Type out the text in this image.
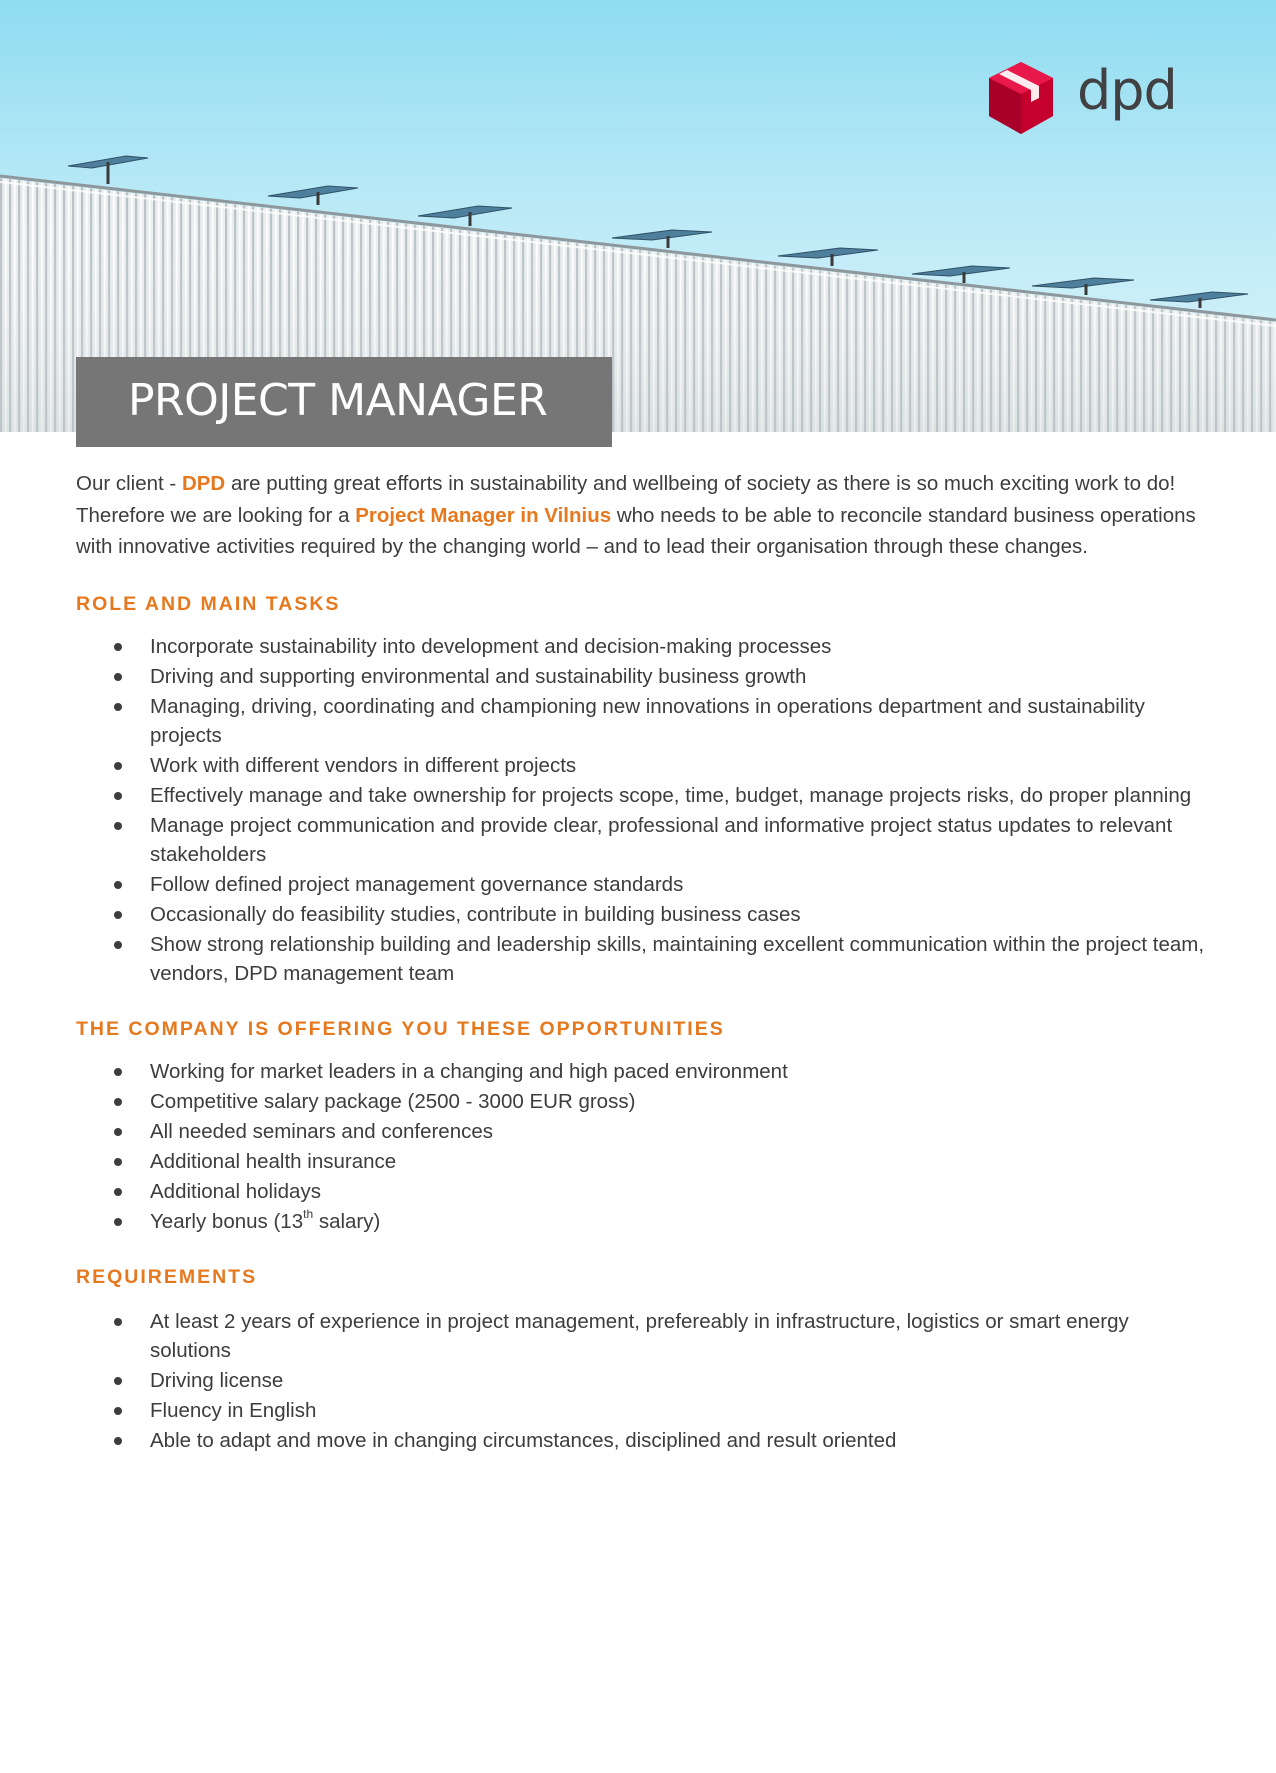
dpd
PROJECT MANAGER

Our client - DPD are putting great efforts in sustainability and wellbeing of society as there is so much exciting work to do! Therefore we are looking for a Project Manager in Vilnius who needs to be able to reconcile standard business operations with innovative activities required by the changing world – and to lead their organisation through these changes.

ROLE AND MAIN TASKS
Incorporate sustainability into development and decision-making processes
Driving and supporting environmental and sustainability business growth
Managing, driving, coordinating and championing new innovations in operations department and sustainability projects
Work with different vendors in different projects
Effectively manage and take ownership for projects scope, time, budget, manage projects risks, do proper planning
Manage project communication and provide clear, professional and informative project status updates to relevant stakeholders
Follow defined project management governance standards
Occasionally do feasibility studies, contribute in building business cases
Show strong relationship building and leadership skills, maintaining excellent communication within the project team, vendors, DPD management team
THE COMPANY IS OFFERING YOU THESE OPPORTUNITIES
Working for market leaders in a changing and high paced environment
Competitive salary package (2500 - 3000 EUR gross)
All needed seminars and conferences
Additional health insurance
Additional holidays
Yearly bonus (13th salary)
REQUIREMENTS
At least 2 years of experience in project management, prefereably in infrastructure, logistics or smart energy solutions
Driving license
Fluency in English
Able to adapt and move in changing circumstances, disciplined and result oriented
